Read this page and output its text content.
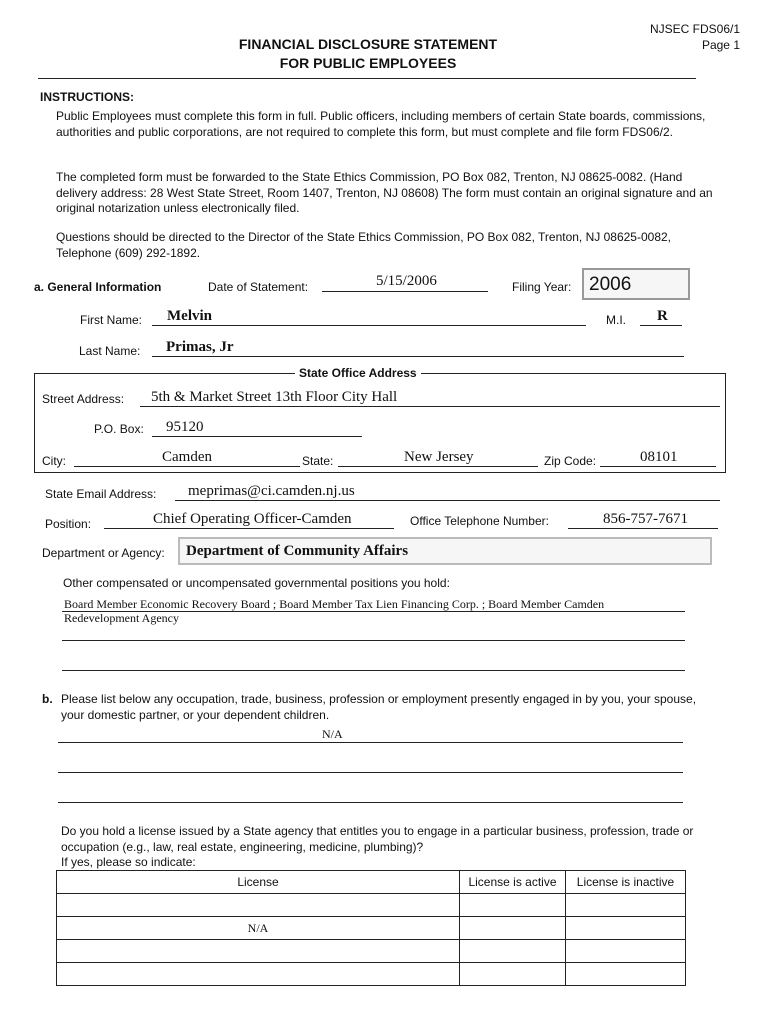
NJSEC FDS06/1
Page 1
FINANCIAL DISCLOSURE STATEMENT
FOR PUBLIC EMPLOYEES
INSTRUCTIONS:
Public Employees must complete this form in full. Public officers, including members of certain State boards, commissions, authorities and public corporations, are not required to complete this form, but must complete and file form FDS06/2.
The completed form must be forwarded to the State Ethics Commission, PO Box 082, Trenton, NJ 08625-0082. (Hand delivery address: 28 West State Street, Room 1407, Trenton, NJ 08608) The form must contain an original signature and an original notarization unless electronically filed.
Questions should be directed to the Director of the State Ethics Commission, PO Box 082, Trenton, NJ 08625-0082, Telephone (609) 292-1892.
a. General Information	Date of Statement:	5/15/2006	Filing Year: 2006
First Name: Melvin	M.I. R
Last Name: Primas, Jr
State Office Address
Street Address: 5th & Market Street 13th Floor City Hall
P.O. Box: 95120
City:	Camden	State:	New Jersey	Zip Code:	08101
State Email Address: meprimas@ci.camden.nj.us
Position:	Chief Operating Officer-Camden	Office Telephone Number:	856-757-7671
Department or Agency: Department of Community Affairs
Other compensated or uncompensated governmental positions you hold:
Board Member Economic Recovery Board ; Board Member Tax Lien Financing Corp. ; Board Member Camden
Redevelopment Agency
b. Please list below any occupation, trade, business, profession or employment presently engaged in by you, your spouse, your domestic partner, or your dependent children.
N/A
Do you hold a license issued by a State agency that entitles you to engage in a particular business, profession, trade or occupation (e.g., law, real estate, engineering, medicine, plumbing)?
If yes, please so indicate:
License	License is active	License is inactive

N/A		
